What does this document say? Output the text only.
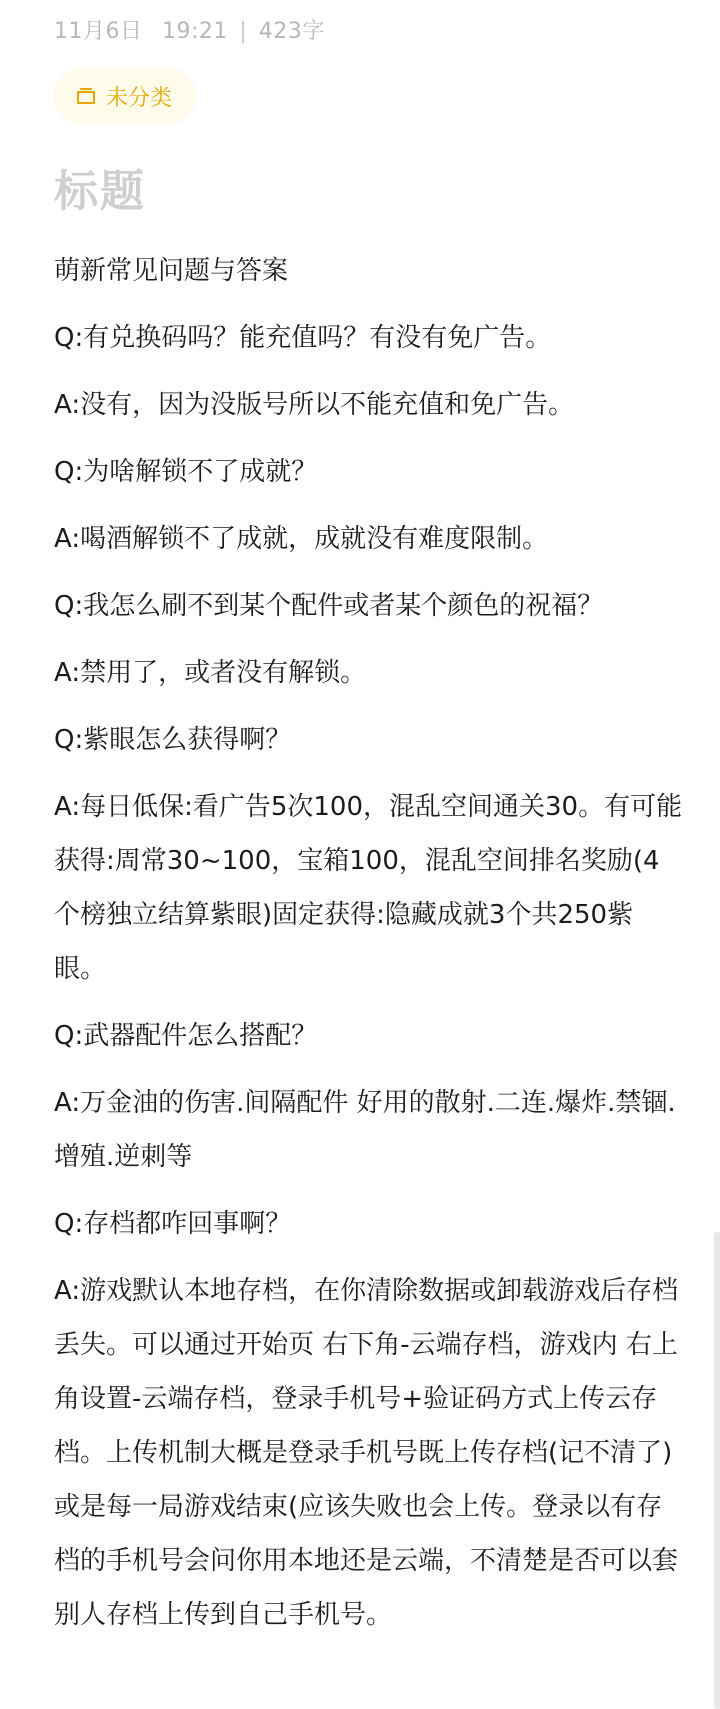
11月6日 19:21 | 423字
未分类
标题

萌新常见问题与答案

Q:有兑换码吗？能充值吗？有没有免广告。

A:没有，因为没版号所以不能充值和免广告。

Q:为啥解锁不了成就？

A:喝酒解锁不了成就，成就没有难度限制。

Q:我怎么刷不到某个配件或者某个颜色的祝福？

A:禁用了，或者没有解锁。

Q:紫眼怎么获得啊？

A:每日低保:看广告5次100，混乱空间通关30。有可能获得:周常30~100，宝箱100，混乱空间排名奖励(4个榜独立结算紫眼)固定获得:隐藏成就3个共250紫眼。

Q:武器配件怎么搭配？

A:万金油的伤害.间隔配件 好用的散射.二连.爆炸.禁锢.增殖.逆刺等

Q:存档都咋回事啊？

A:游戏默认本地存档，在你清除数据或卸载游戏后存档丢失。可以通过开始页 右下角-云端存档，游戏内 右上角设置-云端存档，登录手机号+验证码方式上传云存档。上传机制大概是登录手机号既上传存档(记不清了)或是每一局游戏结束(应该失败也会上传。登录以有存档的手机号会问你用本地还是云端，不清楚是否可以套别人存档上传到自己手机号。
